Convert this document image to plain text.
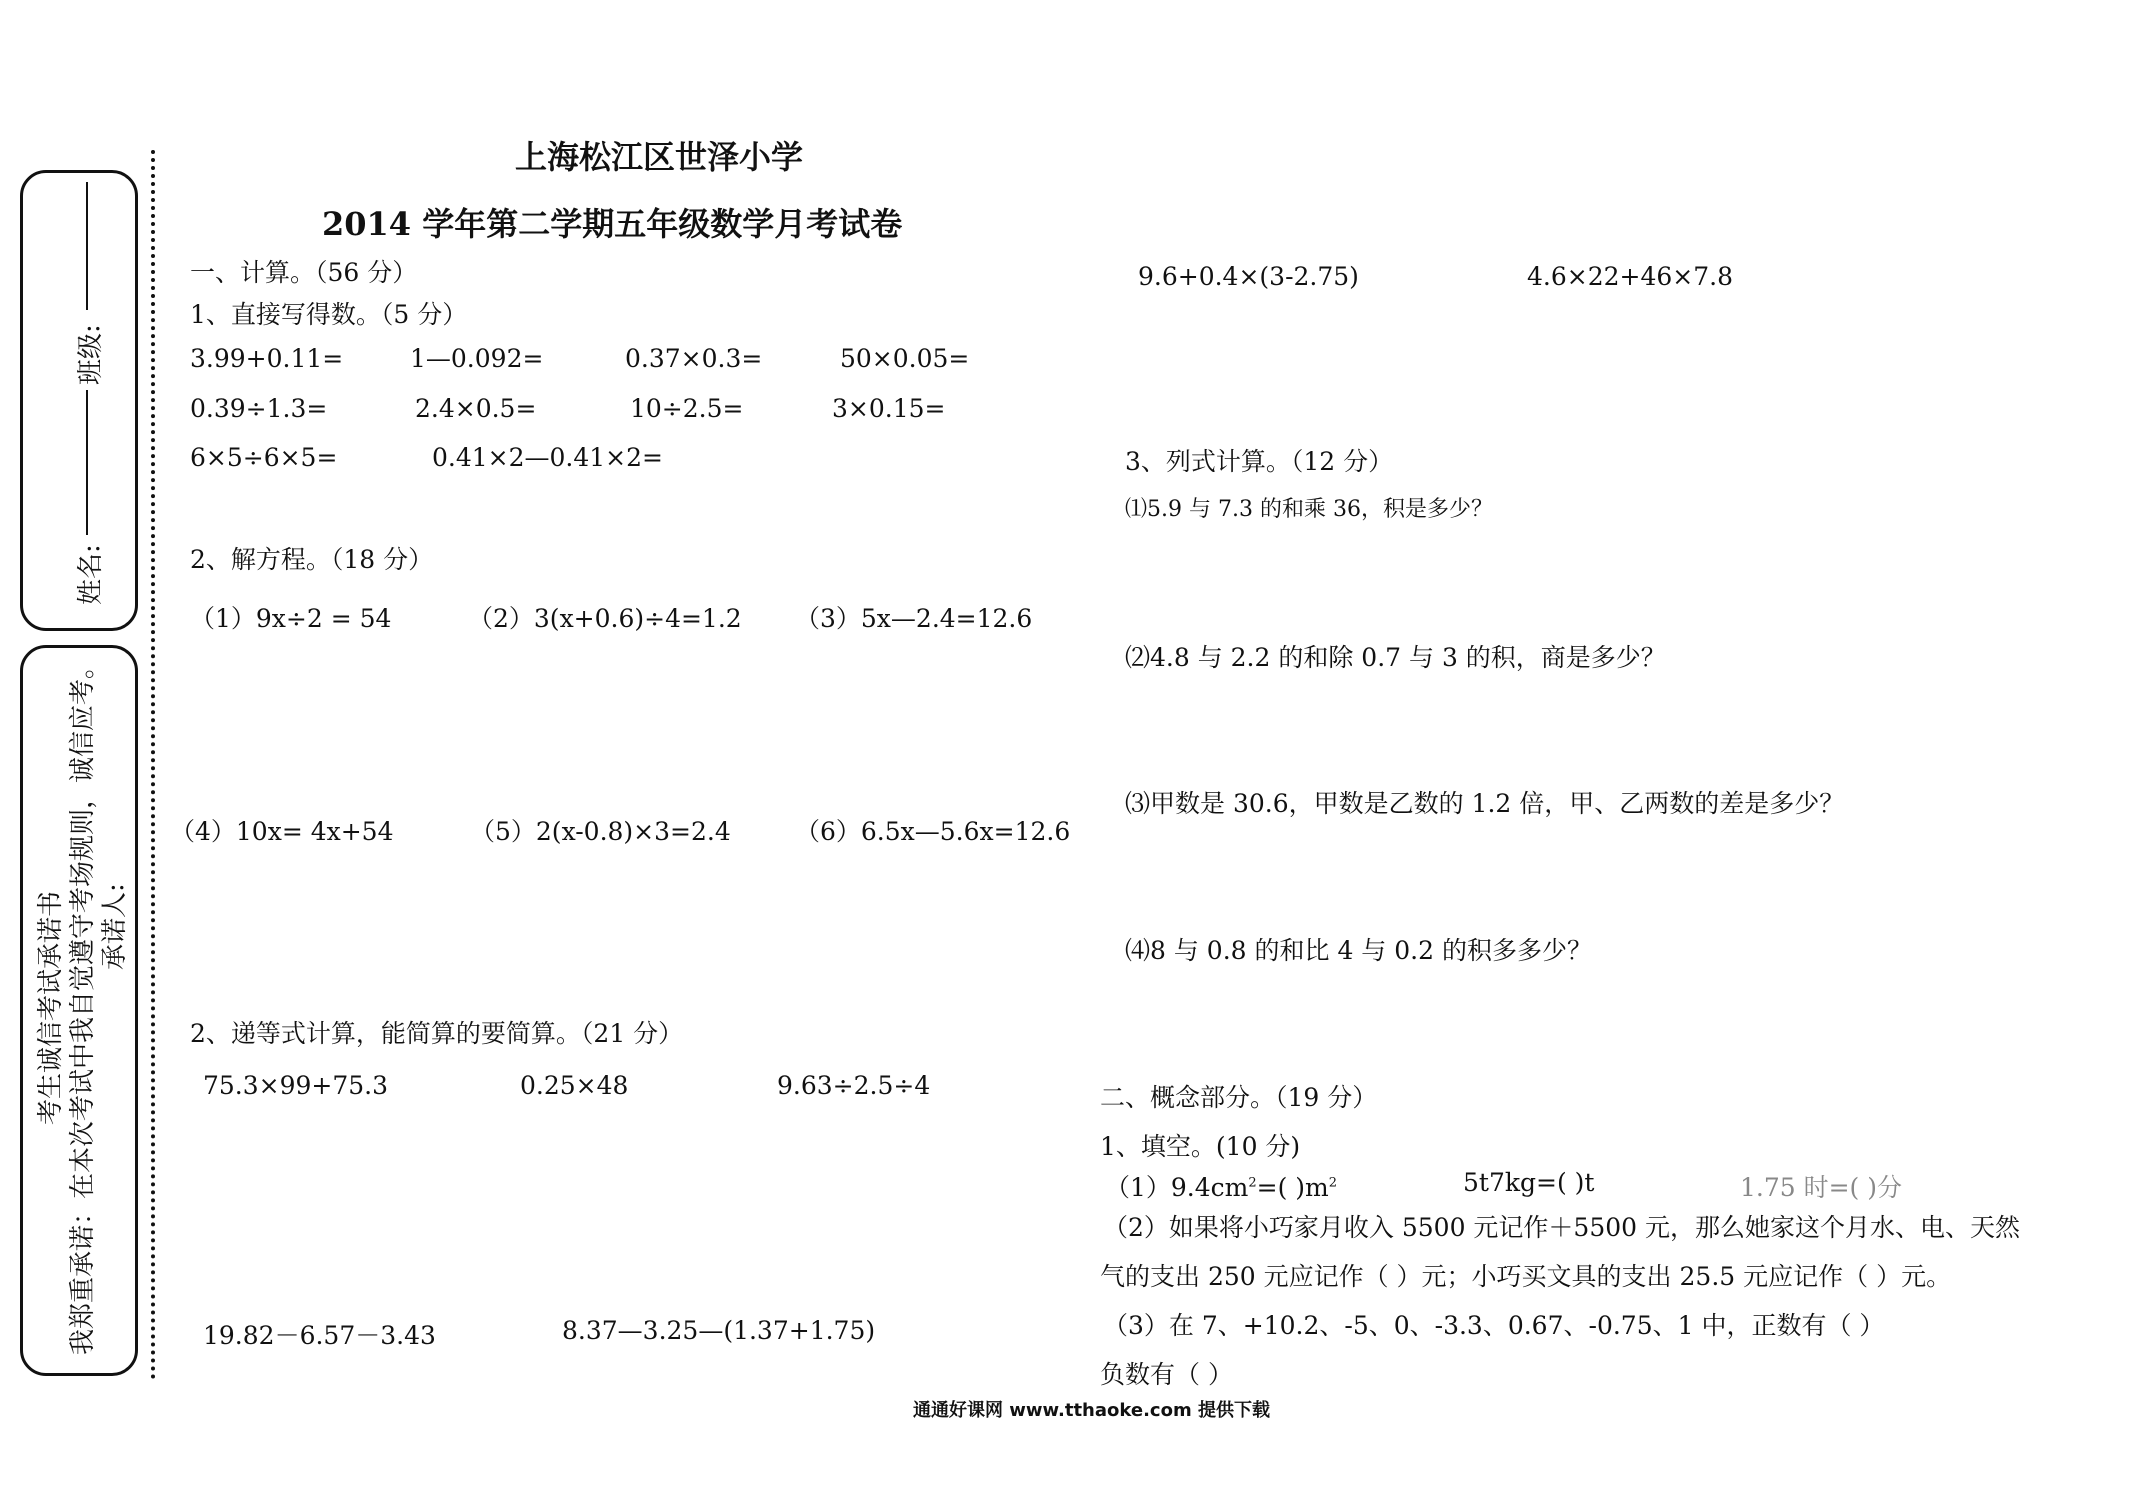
班级:
姓名:
考生诚信考试承诺书 我郑重承诺：在本次考试中我自觉遵守考场规则，诚信应考。 承诺人:
上海松江区世泽小学
2014 学年第二学期五年级数学月考试卷
一、计算。（56 分）
1、直接写得数。（5 分）
3.99+0.11=	1—0.092=	0.37×0.3=	50×0.05=
0.39÷1.3=	2.4×0.5=	10÷2.5=	3×0.15=
6×5÷6×5=	0.41×2—0.41×2=
2、解方程。（18 分）
（1）9x÷2 = 54	（2）3(x+0.6)÷4=1.2 （3）5x—2.4=12.6
（4）10x= 4x+54	（5）2(x-0.8)×3=2.4	（6）6.5x—5.6x=12.6
2、递等式计算，能简算的要简算。（21 分）
75.3×99+75.3	0.25×48	9.63÷2.5÷4
19.82－6.57－3.43	8.37—3.25—(1.37+1.75)
9.6+0.4×(3-2.75)	4.6×22+46×7.8
3、列式计算。（12 分）
⑴5.9 与 7.3 的和乘 36，积是多少？
⑵4.8 与 2.2 的和除 0.7 与 3 的积，商是多少？
⑶甲数是 30.6，甲数是乙数的 1.2 倍，甲、乙两数的差是多少？
⑷8 与 0.8 的和比 4 与 0.2 的积多多少？
二、概念部分。（19 分）
1、填空。(10 分)
$(1)9.4cm^2=$( )$m^2$	5t7kg=( )t	1.75 时=( )分
（2）如果将小巧家月收入 5500 元记作＋5500 元，那么她家这个月水、电、天然
气的支出 250 元应记作（ ）元；小巧买文具的支出 25.5 元应记作（ ）元。
（3）在 7、+10.2、-5、0、-3.3、0.67、-0.75、1 中，正数有（ ）
负数有（ ）
通通好课网 www.tthaoke.com 提供下载
